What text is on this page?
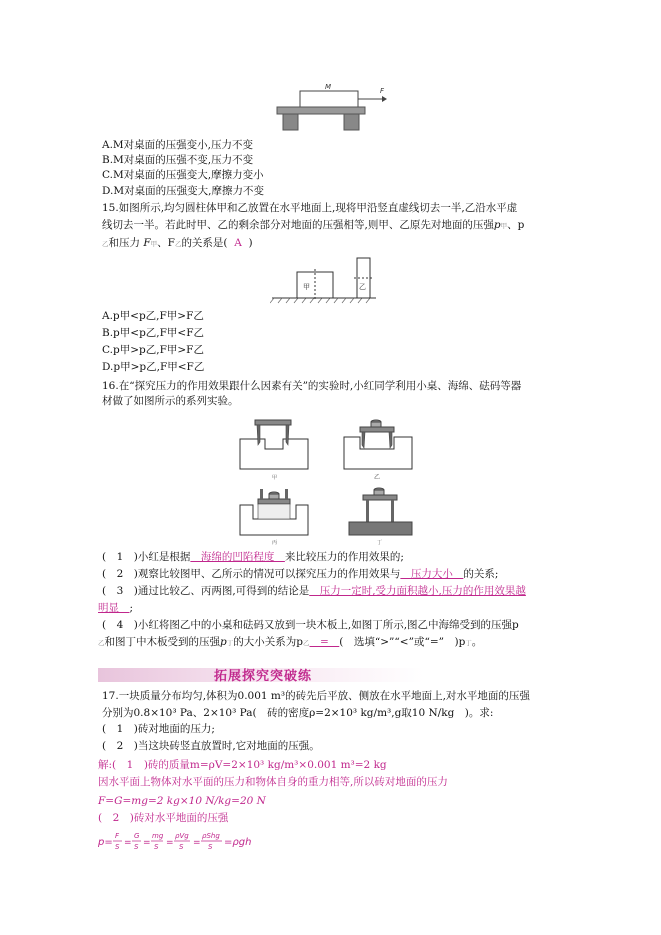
M	F
A.M对桌面的压强变小,压力不变
B.M对桌面的压强不变,压力不变
C.M对桌面的压强变大,摩擦力变小
D.M对桌面的压强变大,摩擦力不变
15.如图所示,均匀圆柱体甲和乙放置在水平地面上,现将甲沿竖直虚线切去一半,乙沿水平虚
线切去一半。若此时甲、乙的剩余部分对地面的压强相等,则甲、乙原先对地面的压强p甲、p
乙和压力 F甲、F乙的关系是( A )
甲	乙
A.p甲<p乙,F甲>F乙
B.p甲<p乙,F甲<F乙
C.p甲>p乙,F甲>F乙
D.p甲>p乙,F甲<F乙
16.在“探究压力的作用效果跟什么因素有关”的实验时,小红同学利用小桌、海绵、砝码等器
材做了如图所示的系列实验。
甲	乙
丙	丁
(　1　)小红是根据　海绵的凹陷程度　来比较压力的作用效果的;
(　2　)观察比较图甲、乙所示的情况可以探究压力的作用效果与　压力大小　的关系;
(　3　)通过比较乙、丙两图,可得到的结论是　压力一定时,受力面积越小,压力的作用效果越
明显　;
(　4　)小红将图乙中的小桌和砝码又放到一块木板上,如图丁所示,图乙中海绵受到的压强p
乙和图丁中木板受到的压强p丁的大小关系为p乙　=　(　选填“>”“<”或“=”　)p丁。
拓展探究突破练
17.一块质量分布均匀,体积为0.001 m³的砖先后平放、侧放在水平地面上,对水平地面的压强
分别为0.8×10³ Pa、2×10³ Pa(　砖的密度ρ=2×10³ kg/m³,g取10 N/kg　)。求:
(　1　)砖对地面的压力;
(　2　)当这块砖竖直放置时,它对地面的压强。
解:(　1　)砖的质量m=ρV=2×10³ kg/m³×0.001 m³=2 kg
因水平面上物体对水平面的压力和物体自身的重力相等,所以砖对地面的压力
F=G=mg=2 kg×10 N/kg=20 N
(　2　)砖对水平地面的压强
p=
F
S =
G
S =
mg
S =
ρVg
S =
ρShg
S =ρgh
